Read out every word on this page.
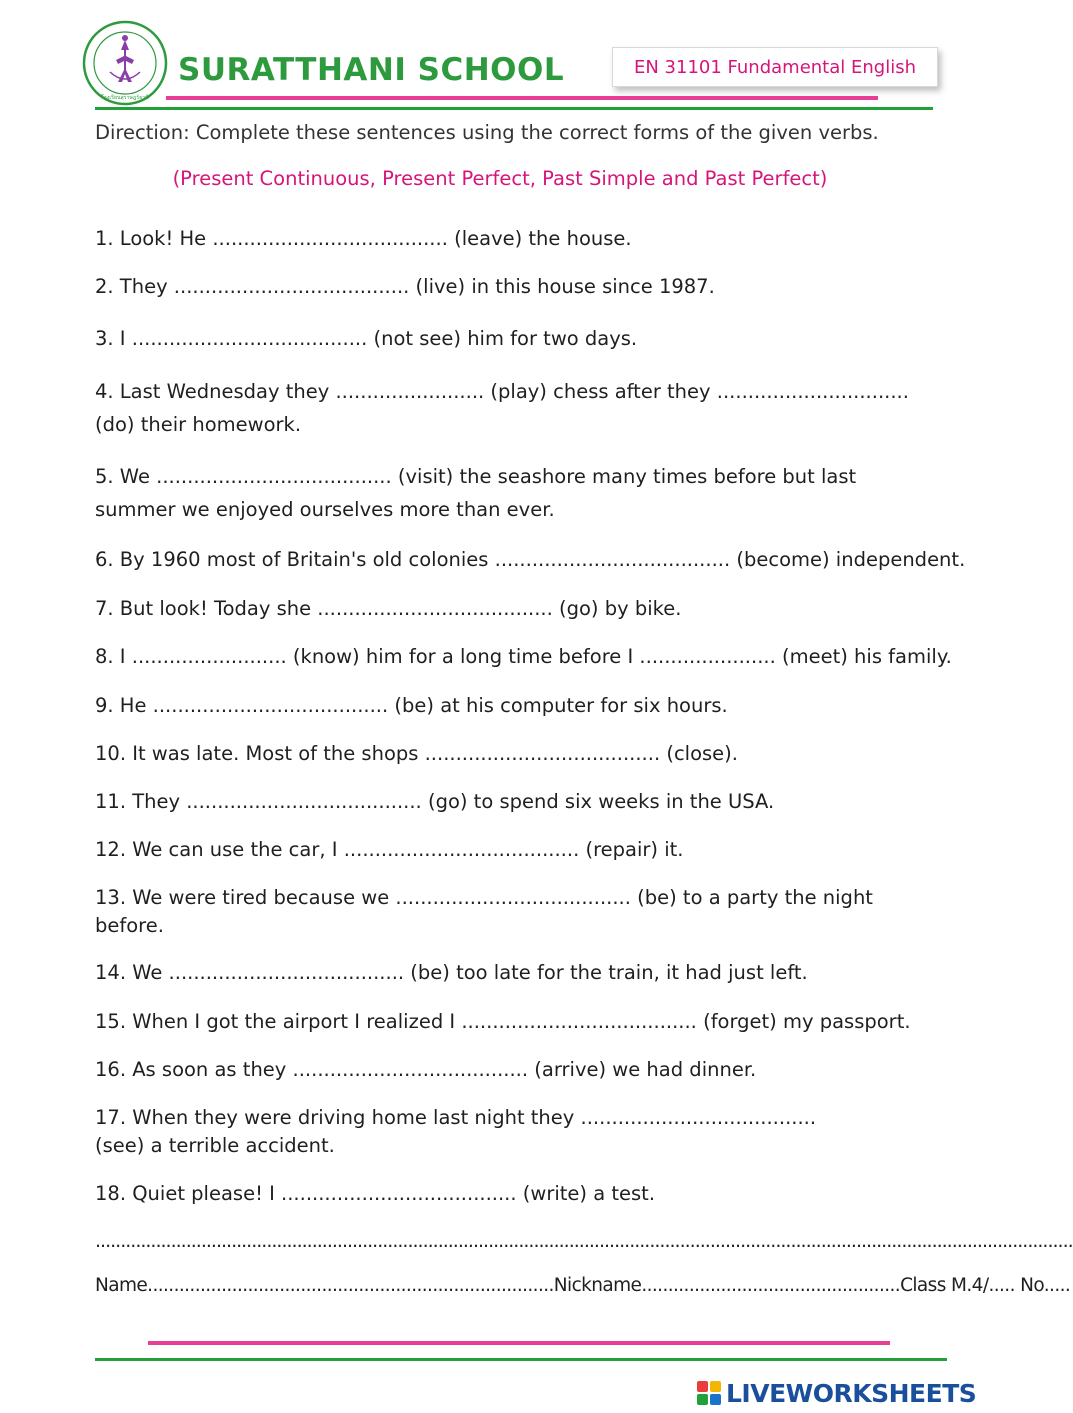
โรงเรียนสุราษฎร์ธานี
SURATTHANI SCHOOL	EN 31101 Fundamental English

Direction: Complete these sentences using the correct forms of the given verbs.

(Present Continuous, Present Perfect, Past Simple and Past Perfect)

1. Look! He ...................................... (leave) the house.

2. They ...................................... (live) in this house since 1987.

3. I ...................................... (not see) him for two days.

4. Last Wednesday they ........................ (play) chess after they ............................... (do) their homework.

5. We ...................................... (visit) the seashore many times before but last summer we enjoyed ourselves more than ever.

6. By 1960 most of Britain's old colonies ...................................... (become) independent.

7. But look! Today she ...................................... (go) by bike.

8. I ......................... (know) him for a long time before I ...................... (meet) his family.

9. He ...................................... (be) at his computer for six hours.

10. It was late. Most of the shops ...................................... (close).

11. They ...................................... (go) to spend six weeks in the USA.

12. We can use the car, I ...................................... (repair) it.

13. We were tired because we ...................................... (be) to a party the night before.

14. We ...................................... (be) too late for the train, it had just left.

15. When I got the airport I realized I ...................................... (forget) my passport.

16. As soon as they ...................................... (arrive) we had dinner.

17. When they were driving home last night they ...................................... (see) a terrible accident.

18. Quiet please! I ...................................... (write) a test.

..................................................................................................................................................................................................

Name.............................................................................Nickname.................................................Class M.4/..... No.....

LIVEWORKSHEETS
